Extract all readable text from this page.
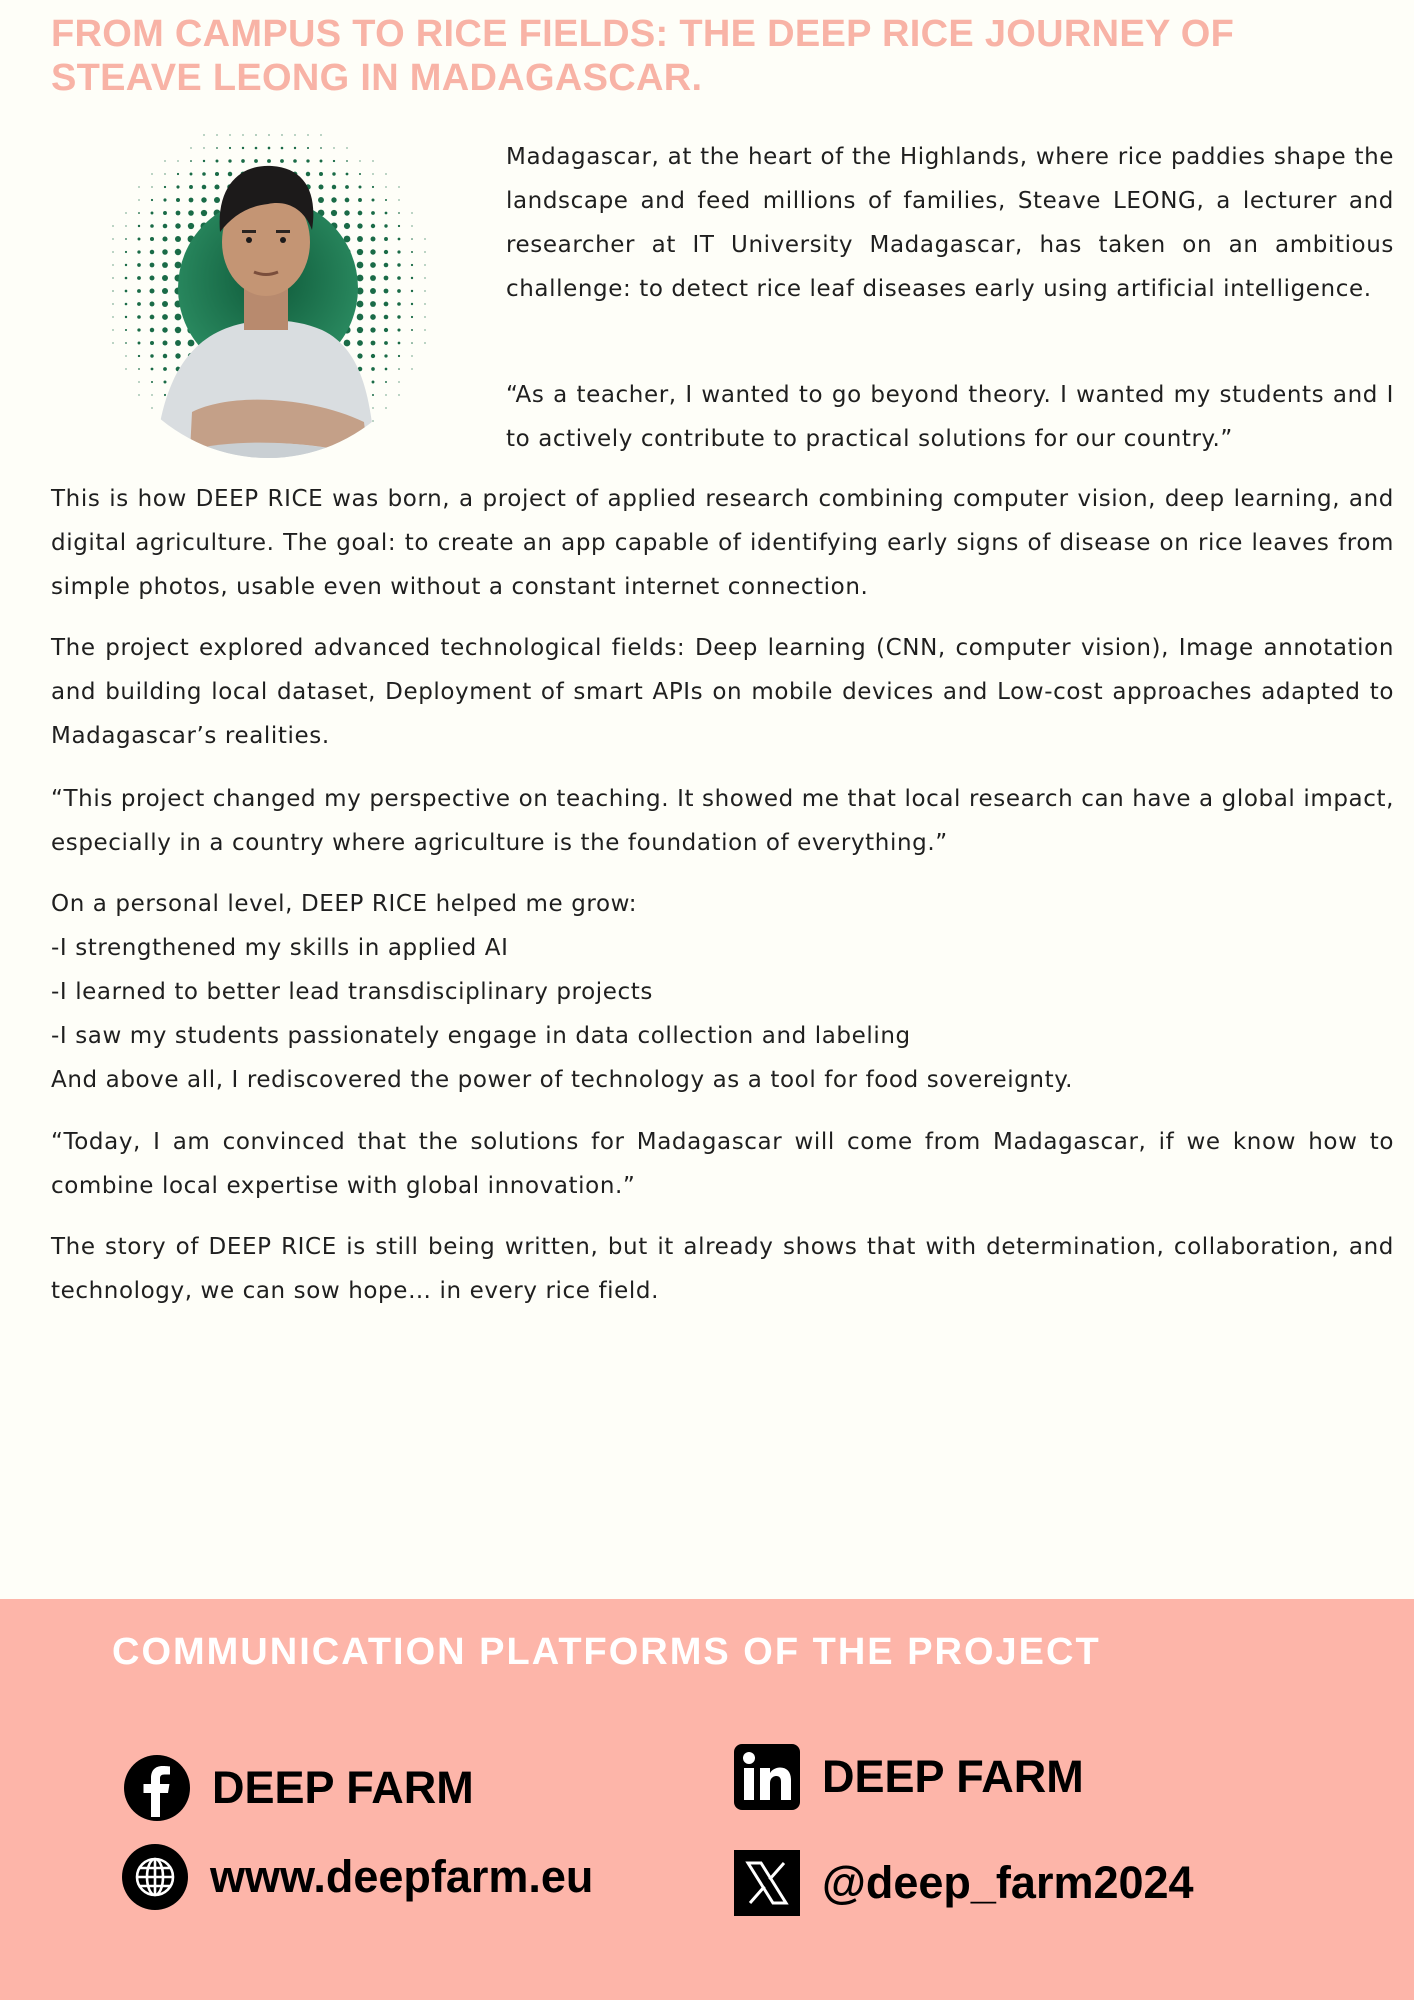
FROM CAMPUS TO RICE FIELDS: THE DEEP RICE JOURNEY OF STEAVE LEONG IN MADAGASCAR.

Madagascar, at the heart of the Highlands, where rice paddies shape the landscape and feed millions of families, Steave LEONG, a lecturer and researcher at IT University Madagascar, has taken on an ambitious challenge: to detect rice leaf diseases early using artificial intelligence.

“As a teacher, I wanted to go beyond theory. I wanted my students and I to actively contribute to practical solutions for our country.”

This is how DEEP RICE was born, a project of applied research combining computer vision, deep learning, and digital agriculture. The goal: to create an app capable of identifying early signs of disease on rice leaves from simple photos, usable even without a constant internet connection.

The project explored advanced technological fields: Deep learning (CNN, computer vision), Image annotation and building local dataset, Deployment of smart APIs on mobile devices and Low-cost approaches adapted to Madagascar’s realities.

“This project changed my perspective on teaching. It showed me that local research can have a global impact, especially in a country where agriculture is the foundation of everything.”

On a personal level, DEEP RICE helped me grow:
-I strengthened my skills in applied AI
-I learned to better lead transdisciplinary projects
-I saw my students passionately engage in data collection and labeling
And above all, I rediscovered the power of technology as a tool for food sovereignty.

“Today, I am convinced that the solutions for Madagascar will come from Madagascar, if we know how to combine local expertise with global innovation.”

The story of DEEP RICE is still being written, but it already shows that with determination, collaboration, and technology, we can sow hope… in every rice field.

COMMUNICATION PLATFORMS OF THE PROJECT
DEEP FARM	DEEP FARM
www.deepfarm.eu	@deep_farm2024
